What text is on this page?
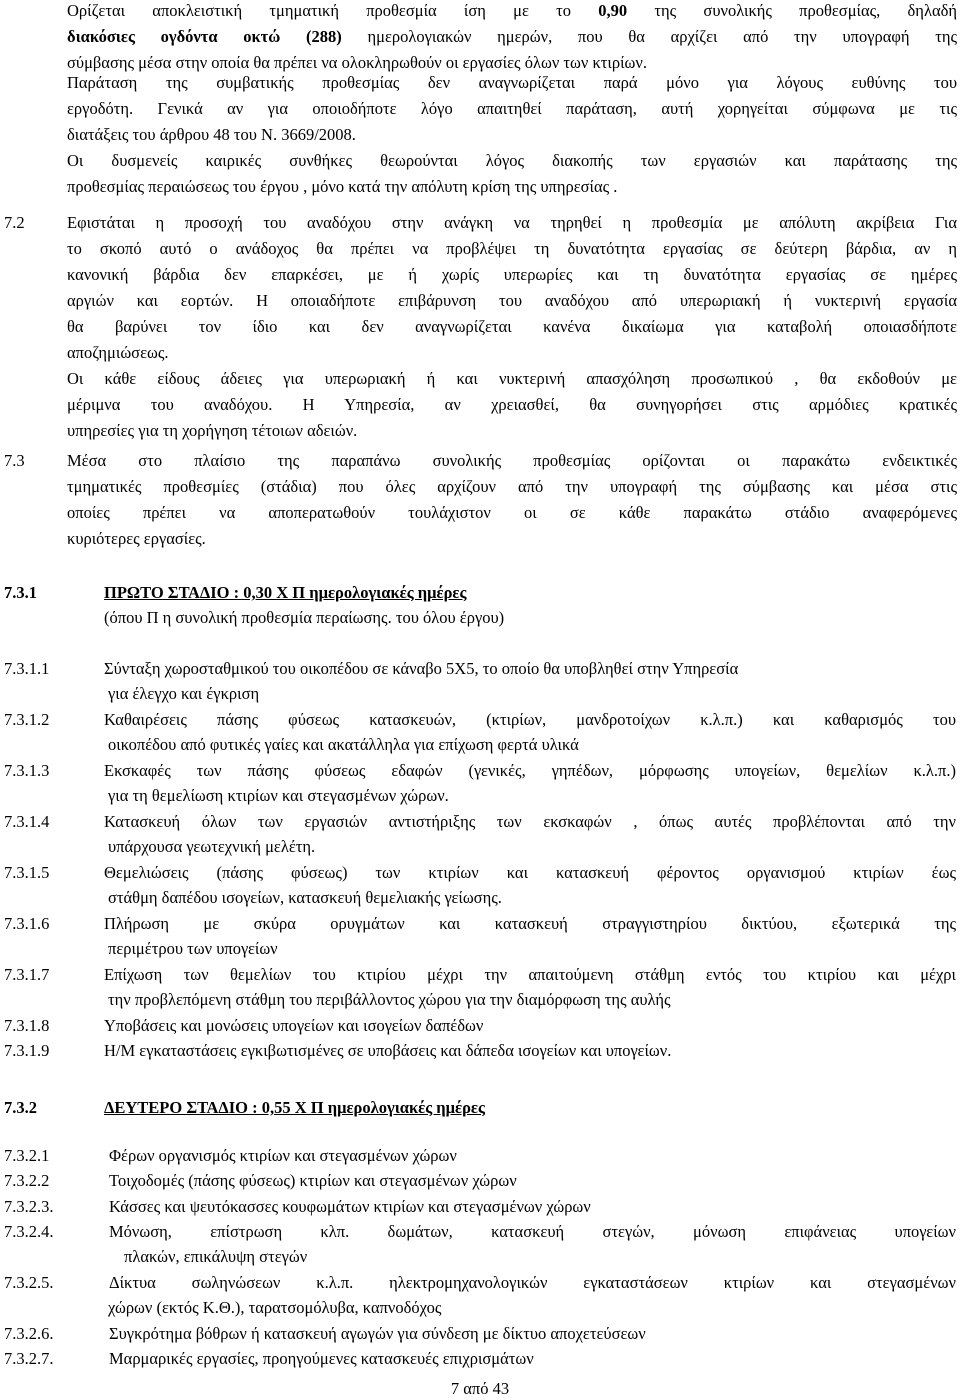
Ορίζεται αποκλειστική τμηματική προθεσμία ίση με το 0,90 της συνολικής προθεσμίας, δηλαδή
διακόσιες ογδόντα οκτώ (288) ημερολογιακών ημερών, που θα αρχίζει από την υπογραφή της
σύμβασης μέσα στην οποία θα πρέπει να ολοκληρωθούν οι εργασίες όλων των κτιρίων.
Παράταση της συμβατικής προθεσμίας δεν αναγνωρίζεται παρά μόνο για λόγους ευθύνης του
εργοδότη. Γενικά αν για οποιοδήποτε λόγο απαιτηθεί παράταση, αυτή χορηγείται σύμφωνα με τις
διατάξεις του άρθρου 48 του Ν. 3669/2008.
Οι δυσμενείς καιρικές συνθήκες θεωρούνται λόγος διακοπής των εργασιών και παράτασης της
προθεσμίας περαιώσεως του έργου , μόνο κατά την απόλυτη κρίση της υπηρεσίας .
7.2	Εφιστάται η προσοχή του αναδόχου στην ανάγκη να τηρηθεί η προθεσμία με απόλυτη ακρίβεια Για
το σκοπό αυτό ο ανάδοχος θα πρέπει να προβλέψει τη δυνατότητα εργασίας σε δεύτερη βάρδια, αν η
κανονική βάρδια δεν επαρκέσει, με ή χωρίς υπερωρίες και τη δυνατότητα εργασίας σε ημέρες
αργιών και εορτών. Η οποιαδήποτε επιβάρυνση του αναδόχου από υπερωριακή ή νυκτερινή εργασία
θα βαρύνει τον ίδιο και δεν αναγνωρίζεται κανένα δικαίωμα για καταβολή οποιασδήποτε
αποζημιώσεως.
Οι κάθε είδους άδειες για υπερωριακή ή και νυκτερινή απασχόληση προσωπικού , θα εκδοθούν με
μέριμνα του αναδόχου. Η Υπηρεσία, αν χρειασθεί, θα συνηγορήσει στις αρμόδιες κρατικές
υπηρεσίες για τη χορήγηση τέτοιων αδειών.
7.3	Μέσα στο πλαίσιο της παραπάνω συνολικής προθεσμίας ορίζονται οι παρακάτω ενδεικτικές
τμηματικές προθεσμίες (στάδια) που όλες αρχίζουν από την υπογραφή της σύμβασης και μέσα στις
οποίες πρέπει να αποπερατωθούν τουλάχιστον οι σε κάθε παρακάτω στάδιο αναφερόμενες
κυριότερες εργασίες.
7.3.1	ΠΡΩΤΟ ΣΤΑΔΙΟ : 0,30 Χ Π ημερολογιακές ημέρες
(όπου Π η συνολική προθεσμία περαίωσης. του όλου έργου)
7.3.1.1	Σύνταξη χωροσταθμικού του οικοπέδου σε κάναβο 5Χ5, το οποίο θα υποβληθεί στην Υπηρεσία
για έλεγχο και έγκριση
7.3.1.2	Καθαιρέσεις πάσης φύσεως κατασκευών, (κτιρίων, μανδροτοίχων κ.λ.π.) και καθαρισμός του
οικοπέδου από φυτικές γαίες και ακατάλληλα για επίχωση φερτά υλικά
7.3.1.3	Εκσκαφές των πάσης φύσεως εδαφών (γενικές, γηπέδων, μόρφωσης υπογείων, θεμελίων κ.λ.π.)
για τη θεμελίωση κτιρίων και στεγασμένων χώρων.
7.3.1.4	Κατασκευή όλων των εργασιών αντιστήριξης των εκσκαφών , όπως αυτές προβλέπονται από την
υπάρχουσα γεωτεχνική μελέτη.
7.3.1.5	Θεμελιώσεις (πάσης φύσεως) των κτιρίων και κατασκευή φέροντος οργανισμού κτιρίων έως
στάθμη δαπέδου ισογείων, κατασκευή θεμελιακής γείωσης.
7.3.1.6	Πλήρωση με σκύρα ορυγμάτων και κατασκευή στραγγιστηρίου δικτύου, εξωτερικά της
περιμέτρου των υπογείων
7.3.1.7	Επίχωση των θεμελίων του κτιρίου μέχρι την απαιτούμενη στάθμη εντός του κτιρίου και μέχρι
την προβλεπόμενη στάθμη του περιβάλλοντος χώρου για την διαμόρφωση της αυλής
7.3.1.8	Υποβάσεις και μονώσεις υπογείων και ισογείων δαπέδων
7.3.1.9	Η/Μ εγκαταστάσεις εγκιβωτισμένες σε υποβάσεις και δάπεδα ισογείων και υπογείων.
7.3.2	ΔΕΥΤΕΡΟ ΣΤΑΔΙΟ : 0,55 Χ Π ημερολογιακές ημέρες
7.3.2.1	Φέρων οργανισμός κτιρίων και στεγασμένων χώρων
7.3.2.2	Τοιχοδομές (πάσης φύσεως) κτιρίων και στεγασμένων χώρων
7.3.2.3.	Κάσσες και ψευτόκασσες κουφωμάτων κτιρίων και στεγασμένων χώρων
7.3.2.4.	Μόνωση, επίστρωση κλπ. δωμάτων, κατασκευή στεγών, μόνωση επιφάνειας υπογείων
πλακών, επικάλυψη στεγών
7.3.2.5.	Δίκτυα σωληνώσεων κ.λ.π. ηλεκτρομηχανολογικών εγκαταστάσεων κτιρίων και στεγασμένων
χώρων (εκτός Κ.Θ.), ταρατσομόλυβα, καπνοδόχος
7.3.2.6.	Συγκρότημα βόθρων ή κατασκευή αγωγών για σύνδεση με δίκτυο αποχετεύσεων
7.3.2.7.	Μαρμαρικές εργασίες, προηγούμενες κατασκευές επιχρισμάτων
7 από 43
